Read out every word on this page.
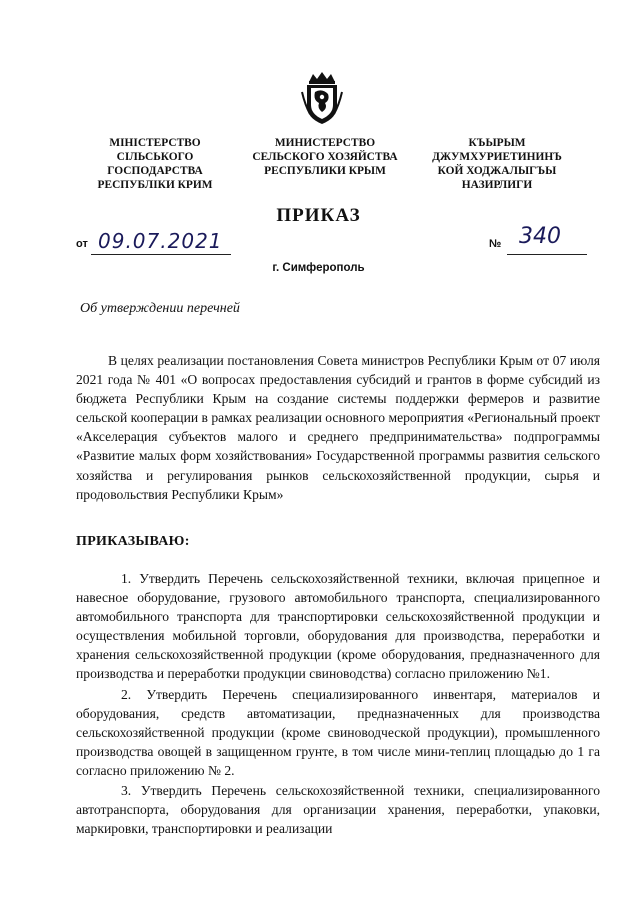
МІНІСТЕРСТВО
СІЛЬСЬКОГО
ГОСПОДАРСТВА
РЕСПУБЛІКИ КРИМ
МИНИСТЕРСТВО
СЕЛЬСКОГО ХОЗЯЙСТВА
РЕСПУБЛИКИ КРЫМ
КЪЫРЫМ
ДЖУМХУРИЕТИНИНЪ
КОЙ ХОДЖАЛЫГЪЫ
НАЗИРЛИГИ
ПРИКАЗ
от 09.07.2021	№ 340
г. Симферополь
Об утверждении перечней
В целях реализации постановления Совета министров Республики Крым от 07 июля 2021 года № 401 «О вопросах предоставления субсидий и грантов в форме субсидий из бюджета Республики Крым на создание системы поддержки фермеров и развитие сельской кооперации в рамках реализации основного мероприятия «Региональный проект «Акселерация субъектов малого и среднего предпринимательства» подпрограммы «Развитие малых форм хозяйствования» Государственной программы развития сельского хозяйства и регулирования рынков сельскохозяйственной продукции, сырья и продовольствия Республики Крым»
ПРИКАЗЫВАЮ:

1. Утвердить Перечень сельскохозяйственной техники, включая прицепное и навесное оборудование, грузового автомобильного транспорта, специализированного автомобильного транспорта для транспортировки сельскохозяйственной продукции и осуществления мобильной торговли, оборудования для производства, переработки и хранения сельскохозяйственной продукции (кроме оборудования, предназначенного для производства и переработки продукции свиноводства) согласно приложению №1.

2. Утвердить Перечень специализированного инвентаря, материалов и оборудования, средств автоматизации, предназначенных для производства сельскохозяйственной продукции (кроме свиноводческой продукции), промышленного производства овощей в защищенном грунте, в том числе мини-теплиц площадью до 1 га согласно приложению № 2.

3. Утвердить Перечень сельскохозяйственной техники, специализированного автотранспорта, оборудования для организации хранения, переработки, упаковки, маркировки, транспортировки и реализации
